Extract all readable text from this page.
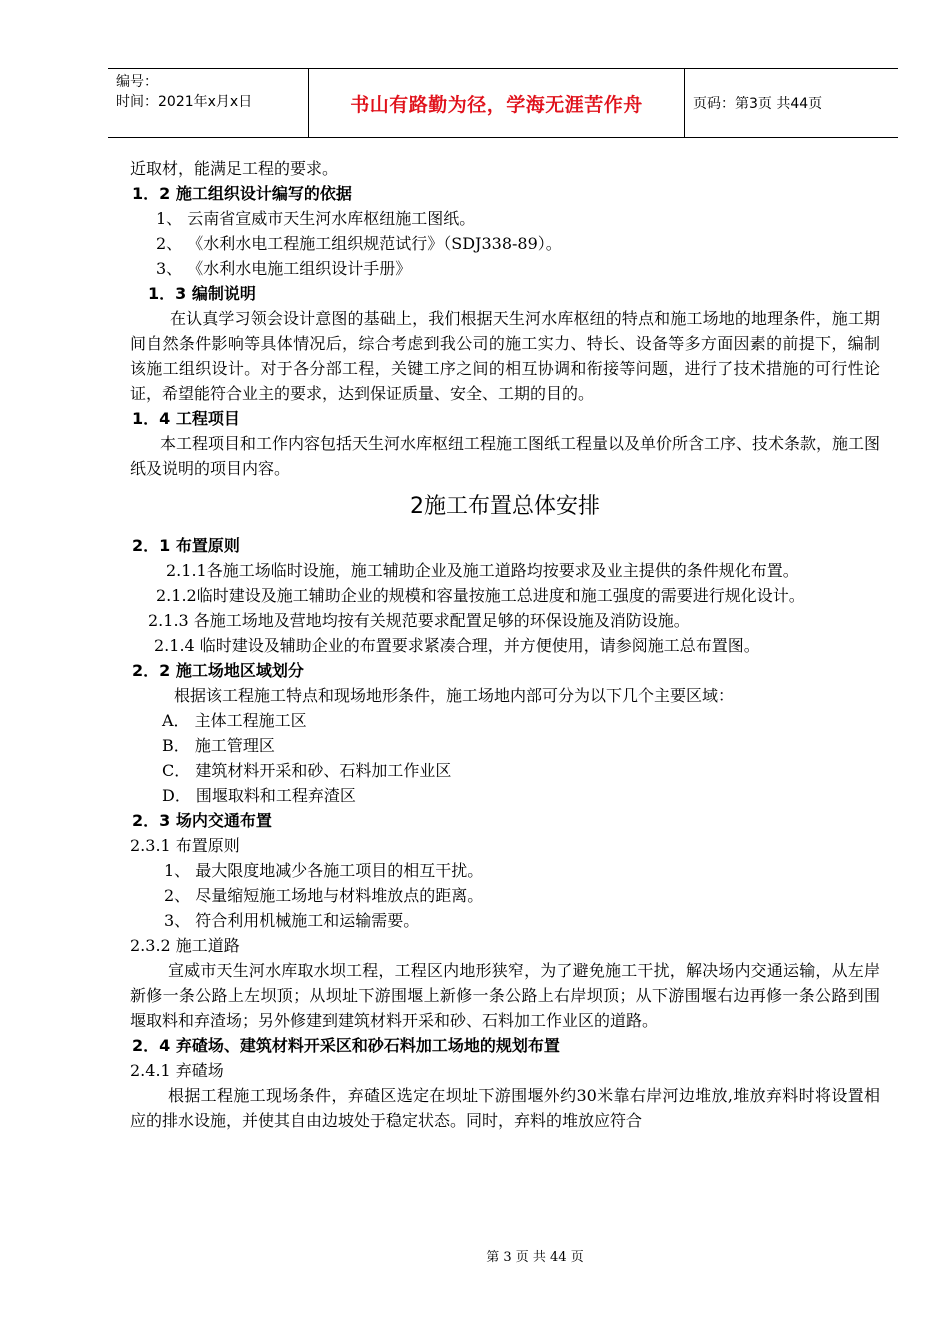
编号：
时间：2021年x月x日	书山有路勤为径，学海无涯苦作舟	页码：第3页 共44页
近取材，能满足工程的要求。
1．2 施工组织设计编写的依据
1、 云南省宣威市天生河水库枢纽施工图纸。
2、 《水利水电工程施工组织规范试行》（SDJ338-89）。
3、 《水利水电施工组织设计手册》
1．3 编制说明
在认真学习领会设计意图的基础上，我们根据天生河水库枢纽的特点和施工场地的地理条件，施工期间自然条件影响等具体情况后，综合考虑到我公司的施工实力、特长、设备等多方面因素的前提下，编制该施工组织设计。对于各分部工程，关键工序之间的相互协调和衔接等问题，进行了技术措施的可行性论证，希望能符合业主的要求，达到保证质量、安全、工期的目的。
1．4 工程项目
本工程项目和工作内容包括天生河水库枢纽工程施工图纸工程量以及单价所含工序、技术条款，施工图纸及说明的项目内容。
2施工布置总体安排
2．1 布置原则
2.1.1各施工场临时设施，施工辅助企业及施工道路均按要求及业主提供的条件规化布置。
2.1.2临时建设及施工辅助企业的规模和容量按施工总进度和施工强度的需要进行规化设计。
2.1.3 各施工场地及营地均按有关规范要求配置足够的环保设施及消防设施。
2.1.4 临时建设及辅助企业的布置要求紧凑合理，并方便使用，请参阅施工总布置图。
2．2 施工场地区域划分
根据该工程施工特点和现场地形条件，施工场地内部可分为以下几个主要区域：
A． 主体工程施工区
B． 施工管理区
C． 建筑材料开采和砂、石料加工作业区
D． 围堰取料和工程弃渣区
2．3 场内交通布置
2.3.1 布置原则
1、 最大限度地减少各施工项目的相互干扰。
2、 尽量缩短施工场地与材料堆放点的距离。
3、 符合利用机械施工和运输需要。
2.3.2 施工道路
宣威市天生河水库取水坝工程，工程区内地形狭窄，为了避免施工干扰，解决场内交通运输，从左岸新修一条公路上左坝顶；从坝址下游围堰上新修一条公路上右岸坝顶；从下游围堰右边再修一条公路到围堰取料和弃渣场；另外修建到建筑材料开采和砂、石料加工作业区的道路。
2．4 弃碴场、建筑材料开采区和砂石料加工场地的规划布置
2.4.1 弃碴场
根据工程施工现场条件，弃碴区选定在坝址下游围堰外约30米靠右岸河边堆放,堆放弃料时将设置相应的排水设施，并使其自由边坡处于稳定状态。同时，弃料的堆放应符合
第 3 页 共 44 页
